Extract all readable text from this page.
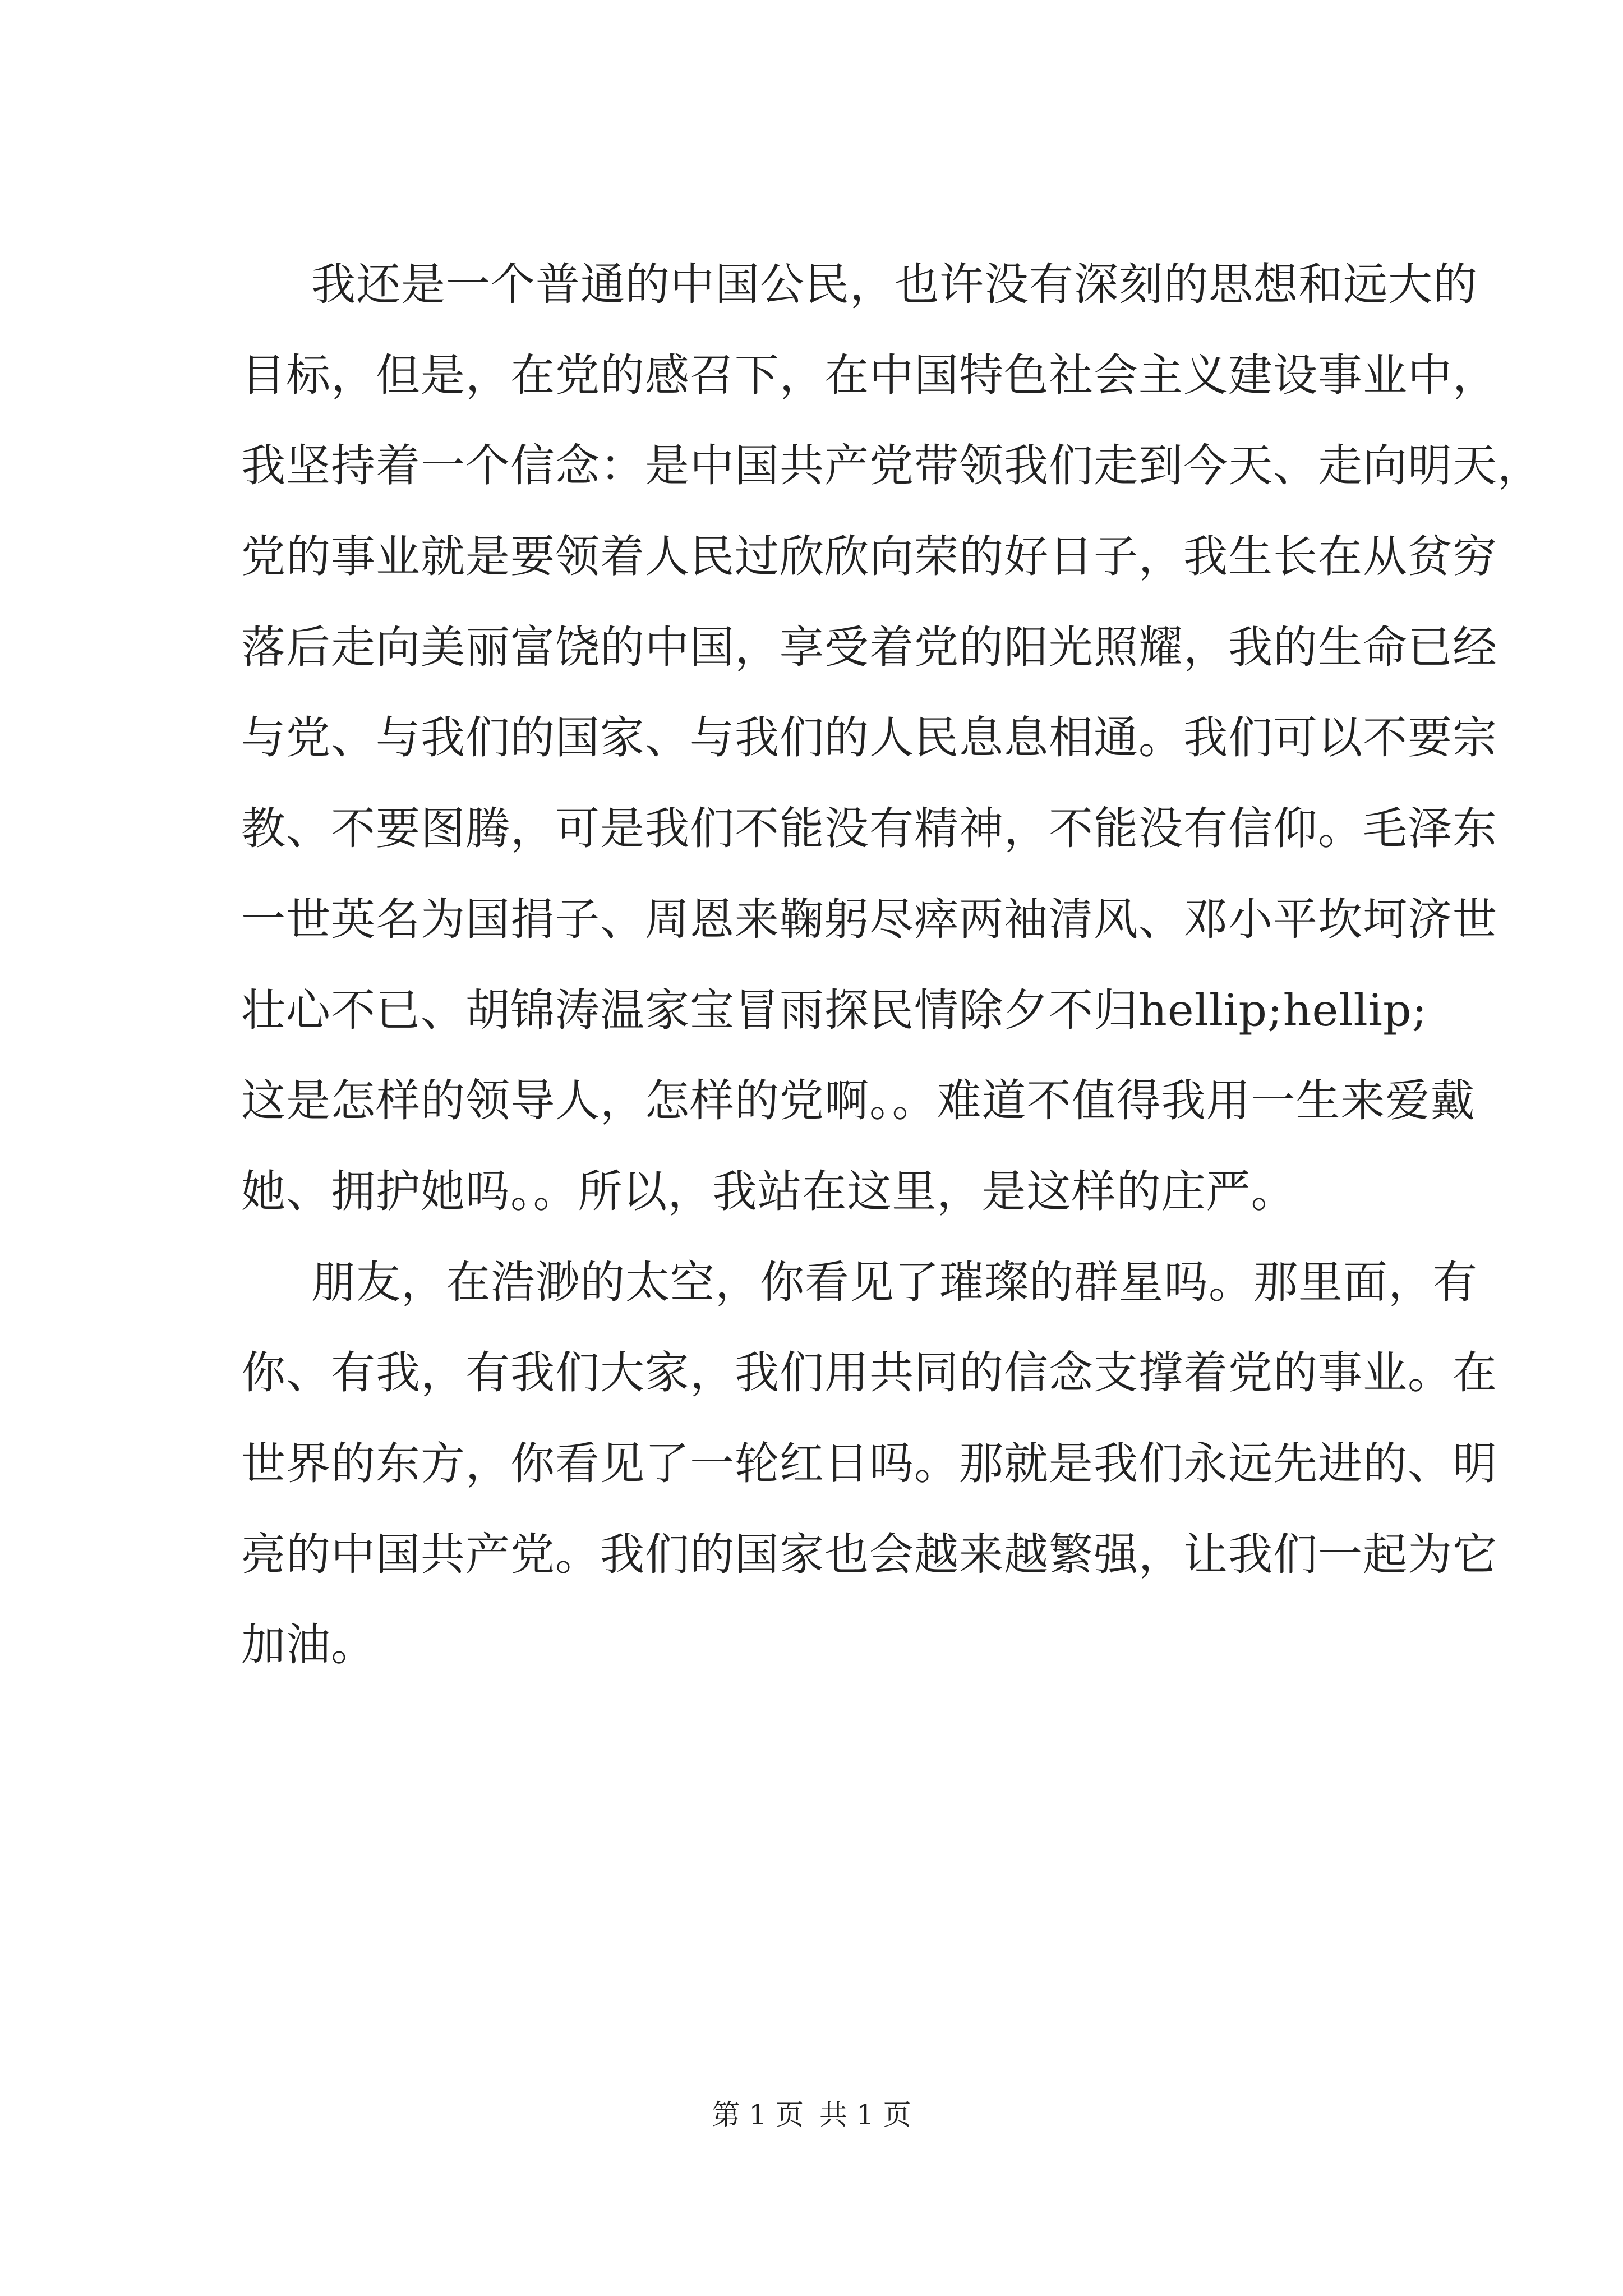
我还是一个普通的中国公民，也许没有深刻的思想和远大的
目标，但是，在党的感召下，在中国特色社会主义建设事业中，
我坚持着一个信念：是中国共产党带领我们走到今天、走向明天，
党的事业就是要领着人民过欣欣向荣的好日子，我生长在从贫穷
落后走向美丽富饶的中国，享受着党的阳光照耀，我的生命已经
与党、与我们的国家、与我们的人民息息相通。我们可以不要宗
教、不要图腾，可是我们不能没有精神，不能没有信仰。毛泽东
一世英名为国捐子、周恩来鞠躬尽瘁两袖清风、邓小平坎坷济世
壮心不已、胡锦涛温家宝冒雨探民情除夕不归hellip;hellip;
这是怎样的领导人，怎样的党啊。。难道不值得我用一生来爱戴
她、拥护她吗。。所以，我站在这里，是这样的庄严。
朋友，在浩渺的太空，你看见了璀璨的群星吗。那里面，有
你、有我，有我们大家，我们用共同的信念支撑着党的事业。在
世界的东方，你看见了一轮红日吗。那就是我们永远先进的、明
亮的中国共产党。我们的国家也会越来越繁强，让我们一起为它
加油。
第 1 页 共 1 页
